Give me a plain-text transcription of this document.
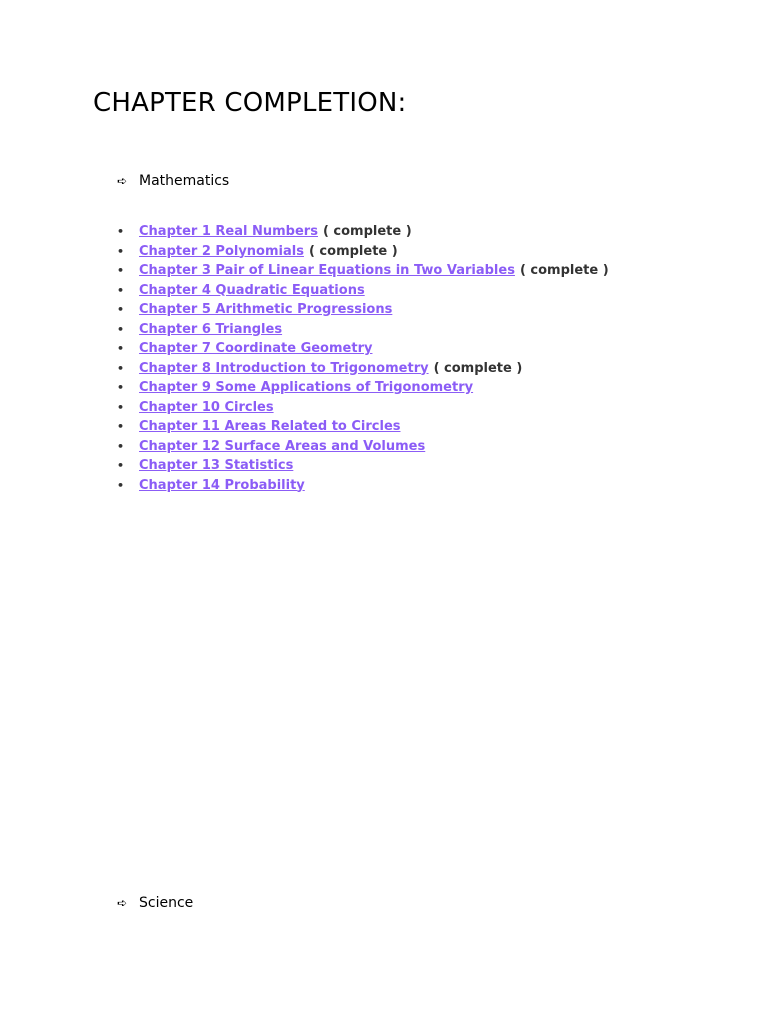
CHAPTER COMPLETION:
➪ Mathematics
•	Chapter 1 Real Numbers ( complete )
•	Chapter 2 Polynomials ( complete )
•	Chapter 3 Pair of Linear Equations in Two Variables ( complete )
•	Chapter 4 Quadratic Equations
•	Chapter 5 Arithmetic Progressions
•	Chapter 6 Triangles
•	Chapter 7 Coordinate Geometry
•	Chapter 8 Introduction to Trigonometry ( complete )
•	Chapter 9 Some Applications of Trigonometry
•	Chapter 10 Circles
•	Chapter 11 Areas Related to Circles
•	Chapter 12 Surface Areas and Volumes
•	Chapter 13 Statistics
•	Chapter 14 Probability
➪ Science
